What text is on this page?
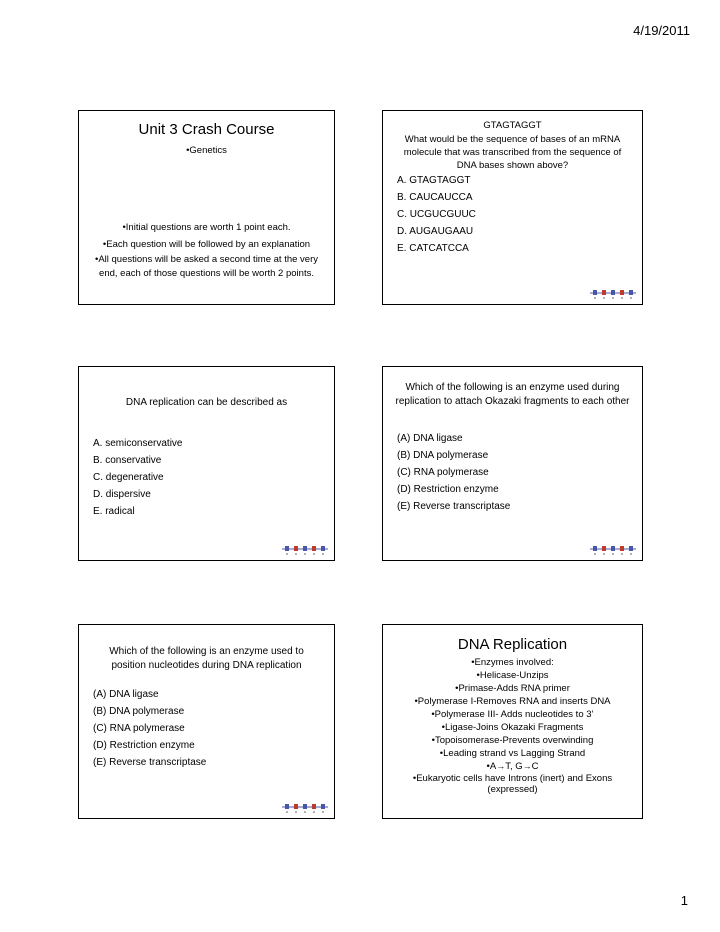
4/19/2011
Unit 3 Crash Course
•Genetics
•Initial questions are worth 1 point each.
•Each question will be followed by an explanation
•All questions will be asked a second time at the very end, each of those questions will be worth 2 points.
GTAGTAGGT
What would be the sequence of bases of an mRNA molecule that was transcribed from the sequence of DNA bases shown above?
A. GTAGTAGGT
B. CAUCAUCCA
C. UCGUCGUUC
D. AUGAUGAAU
E. CATCATCCA
DNA replication can be described as
A. semiconservative
B. conservative
C. degenerative
D. dispersive
E. radical
Which of the following is an enzyme used during replication to attach Okazaki fragments to each other
(A) DNA ligase
(B) DNA polymerase
(C) RNA polymerase
(D) Restriction enzyme
(E) Reverse transcriptase
Which of the following is an enzyme used to position nucleotides during DNA replication
(A) DNA ligase
(B) DNA polymerase
(C) RNA polymerase
(D) Restriction enzyme
(E) Reverse transcriptase
DNA Replication
•Enzymes involved:
•Helicase-Unzips
•Primase-Adds RNA primer
•Polymerase I-Removes RNA and inserts DNA
•Polymerase III- Adds nucleotides to 3’
•Ligase-Joins Okazaki Fragments
•Topoisomerase-Prevents overwinding
•Leading strand vs Lagging Strand
•A→T, G→C
•Eukaryotic cells have Introns (inert) and Exons (expressed)
1
